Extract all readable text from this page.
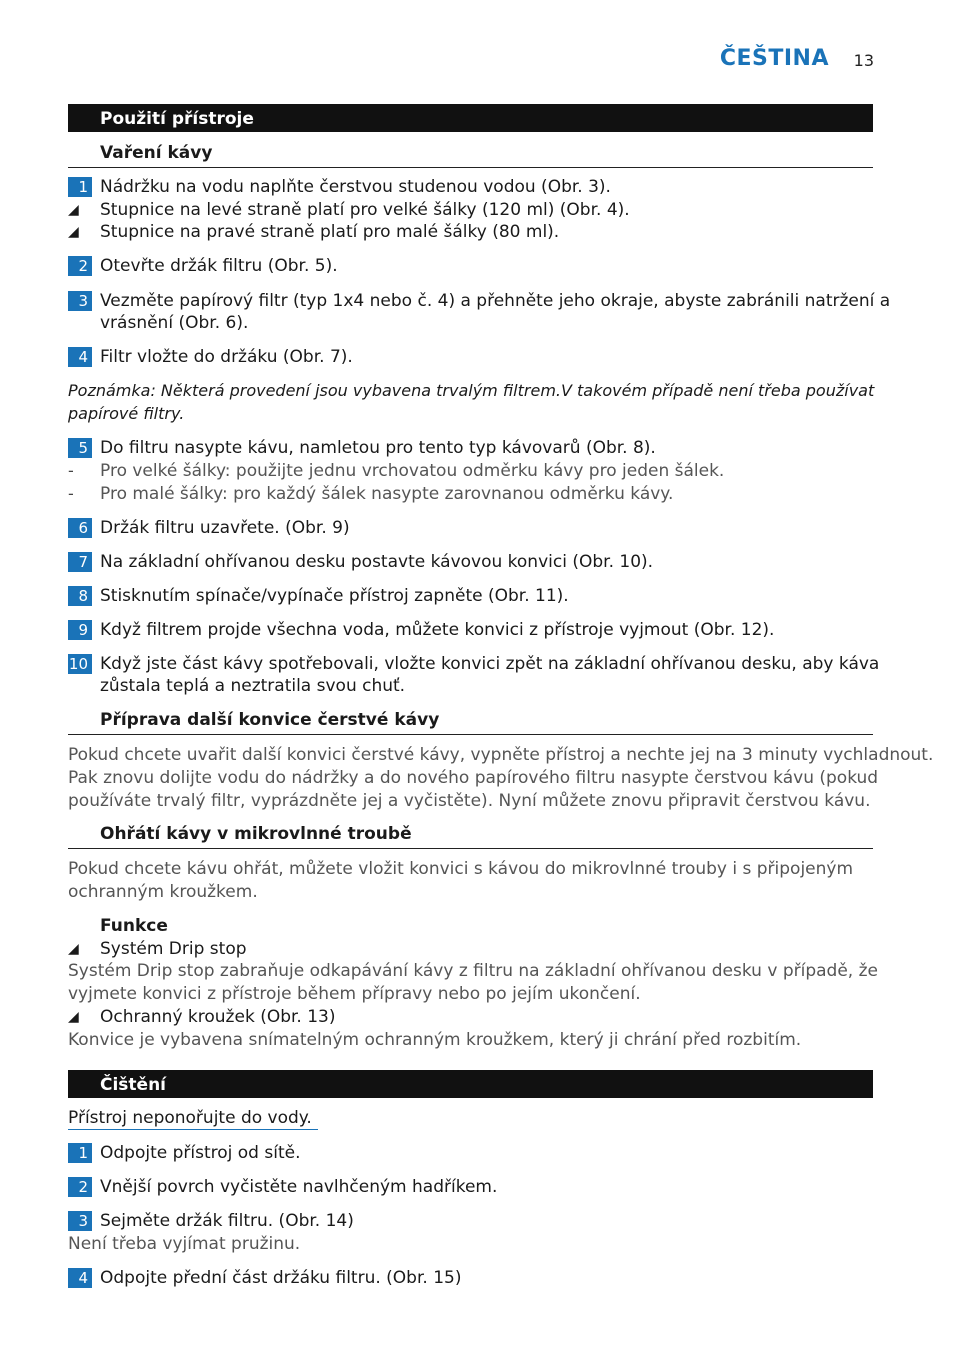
ČEŠTINA 13
Použití přístroje
Vaření kávy
1 Nádržku na vodu naplňte čerstvou studenou vodou (Obr. 3).
◢ Stupnice na levé straně platí pro velké šálky (120 ml) (Obr. 4).
◢ Stupnice na pravé straně platí pro malé šálky (80 ml).
2 Otevřte držák filtru (Obr. 5).
3 Vezměte papírový filtr (typ 1x4 nebo č. 4) a přehněte jeho okraje, abyste zabránili natržení a
vrásnění (Obr. 6).
4 Filtr vložte do držáku (Obr. 7).
Poznámka: Některá provedení jsou vybavena trvalým filtrem.V takovém případě není třeba používat
papírové filtry.
5 Do filtru nasypte kávu, namletou pro tento typ kávovarů (Obr. 8).
- Pro velké šálky: použijte jednu vrchovatou odměrku kávy pro jeden šálek.
- Pro malé šálky: pro každý šálek nasypte zarovnanou odměrku kávy.
6 Držák filtru uzavřete. (Obr. 9)
7 Na základní ohřívanou desku postavte kávovou konvici (Obr. 10).
8 Stisknutím spínače/vypínače přístroj zapněte (Obr. 11).
9 Když filtrem projde všechna voda, můžete konvici z přístroje vyjmout (Obr. 12).
10 Když jste část kávy spotřebovali, vložte konvici zpět na základní ohřívanou desku, aby káva
zůstala teplá a neztratila svou chuť.
Příprava další konvice čerstvé kávy
Pokud chcete uvařit další konvici čerstvé kávy, vypněte přístroj a nechte jej na 3 minuty vychladnout.
Pak znovu dolijte vodu do nádržky a do nového papírového filtru nasypte čerstvou kávu (pokud
používáte trvalý filtr, vyprázdněte jej a vyčistěte). Nyní můžete znovu připravit čerstvou kávu.
Ohřátí kávy v mikrovlnné troubě
Pokud chcete kávu ohřát, můžete vložit konvici s kávou do mikrovlnné trouby i s připojeným
ochranným kroužkem.
Funkce
◢ Systém Drip stop
Systém Drip stop zabraňuje odkapávání kávy z filtru na základní ohřívanou desku v případě, že
vyjmete konvici z přístroje během přípravy nebo po jejím ukončení.
◢ Ochranný kroužek (Obr. 13)
Konvice je vybavena snímatelným ochranným kroužkem, který ji chrání před rozbitím.
Čištění
Přístroj neponořujte do vody.
1 Odpojte přístroj od sítě.
2 Vnější povrch vyčistěte navlhčeným hadříkem.
3 Sejměte držák filtru. (Obr. 14)
Není třeba vyjímat pružinu.
4 Odpojte přední část držáku filtru. (Obr. 15)
